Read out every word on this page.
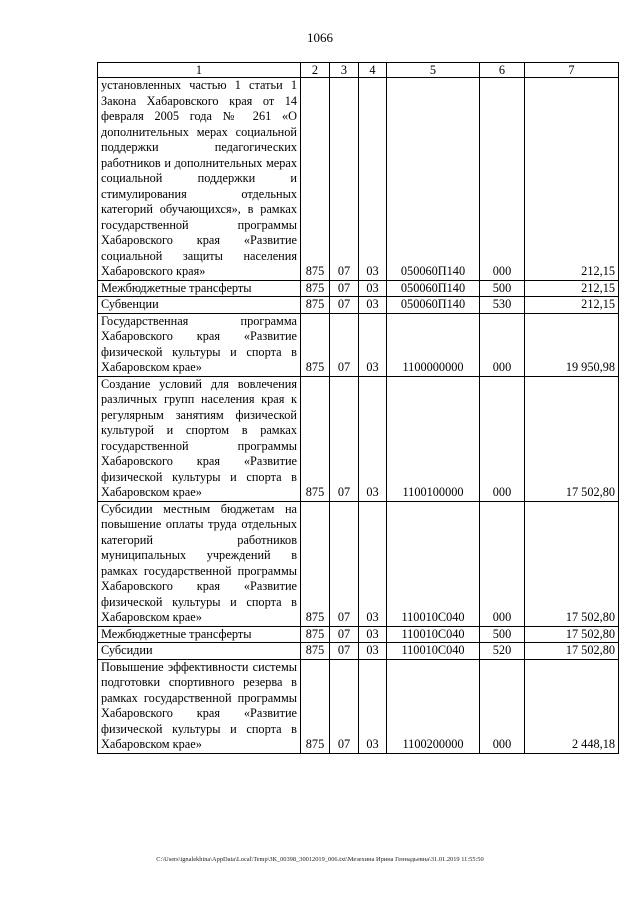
1066
1	2	3	4	5	6	7
установленных частью 1 статьи 1 Закона Хабаровского края от 14 февраля 2005 года № 261 «О дополнительных мерах социальной поддержки педагогических работников и дополнительных мерах социальной поддержки и стимулирования отдельных категорий обучающихся», в рамках государственной программы Хабаровского края «Развитие социальной защиты населения Хабаровского края»	875	07	03	050060П140	000	212,15
Межбюджетные трансферты	875	07	03	050060П140	500	212,15
Субвенции	875	07	03	050060П140	530	212,15
Государственная программа Хабаровского края «Развитие физической культуры и спорта в Хабаровском крае»	875	07	03	1100000000	000	19 950,98
Создание условий для вовлечения различных групп населения края к регулярным занятиям физической культурой и спортом в рамках государственной программы Хабаровского края «Развитие физической культуры и спорта в Хабаровском крае»	875	07	03	1100100000	000	17 502,80
Субсидии местным бюджетам на повышение оплаты труда отдельных категорий работников муниципальных учреждений в рамках государственной программы Хабаровского края «Развитие физической культуры и спорта в Хабаровском крае»	875	07	03	110010С040	000	17 502,80
Межбюджетные трансферты	875	07	03	110010С040	500	17 502,80
Субсидии	875	07	03	110010С040	520	17 502,80
Повышение эффективности системы подготовки спортивного резерва в рамках государственной программы Хабаровского края «Развитие физической культуры и спорта в Хабаровском крае»	875	07	03	1100200000	000	2 448,18
C:\Users\ignalekhina\AppData\Local\Temp\ЗК_00398_30012019_006.txt\Мезехина Ирина Геннадьевна\31.01.2019 11:55:50
